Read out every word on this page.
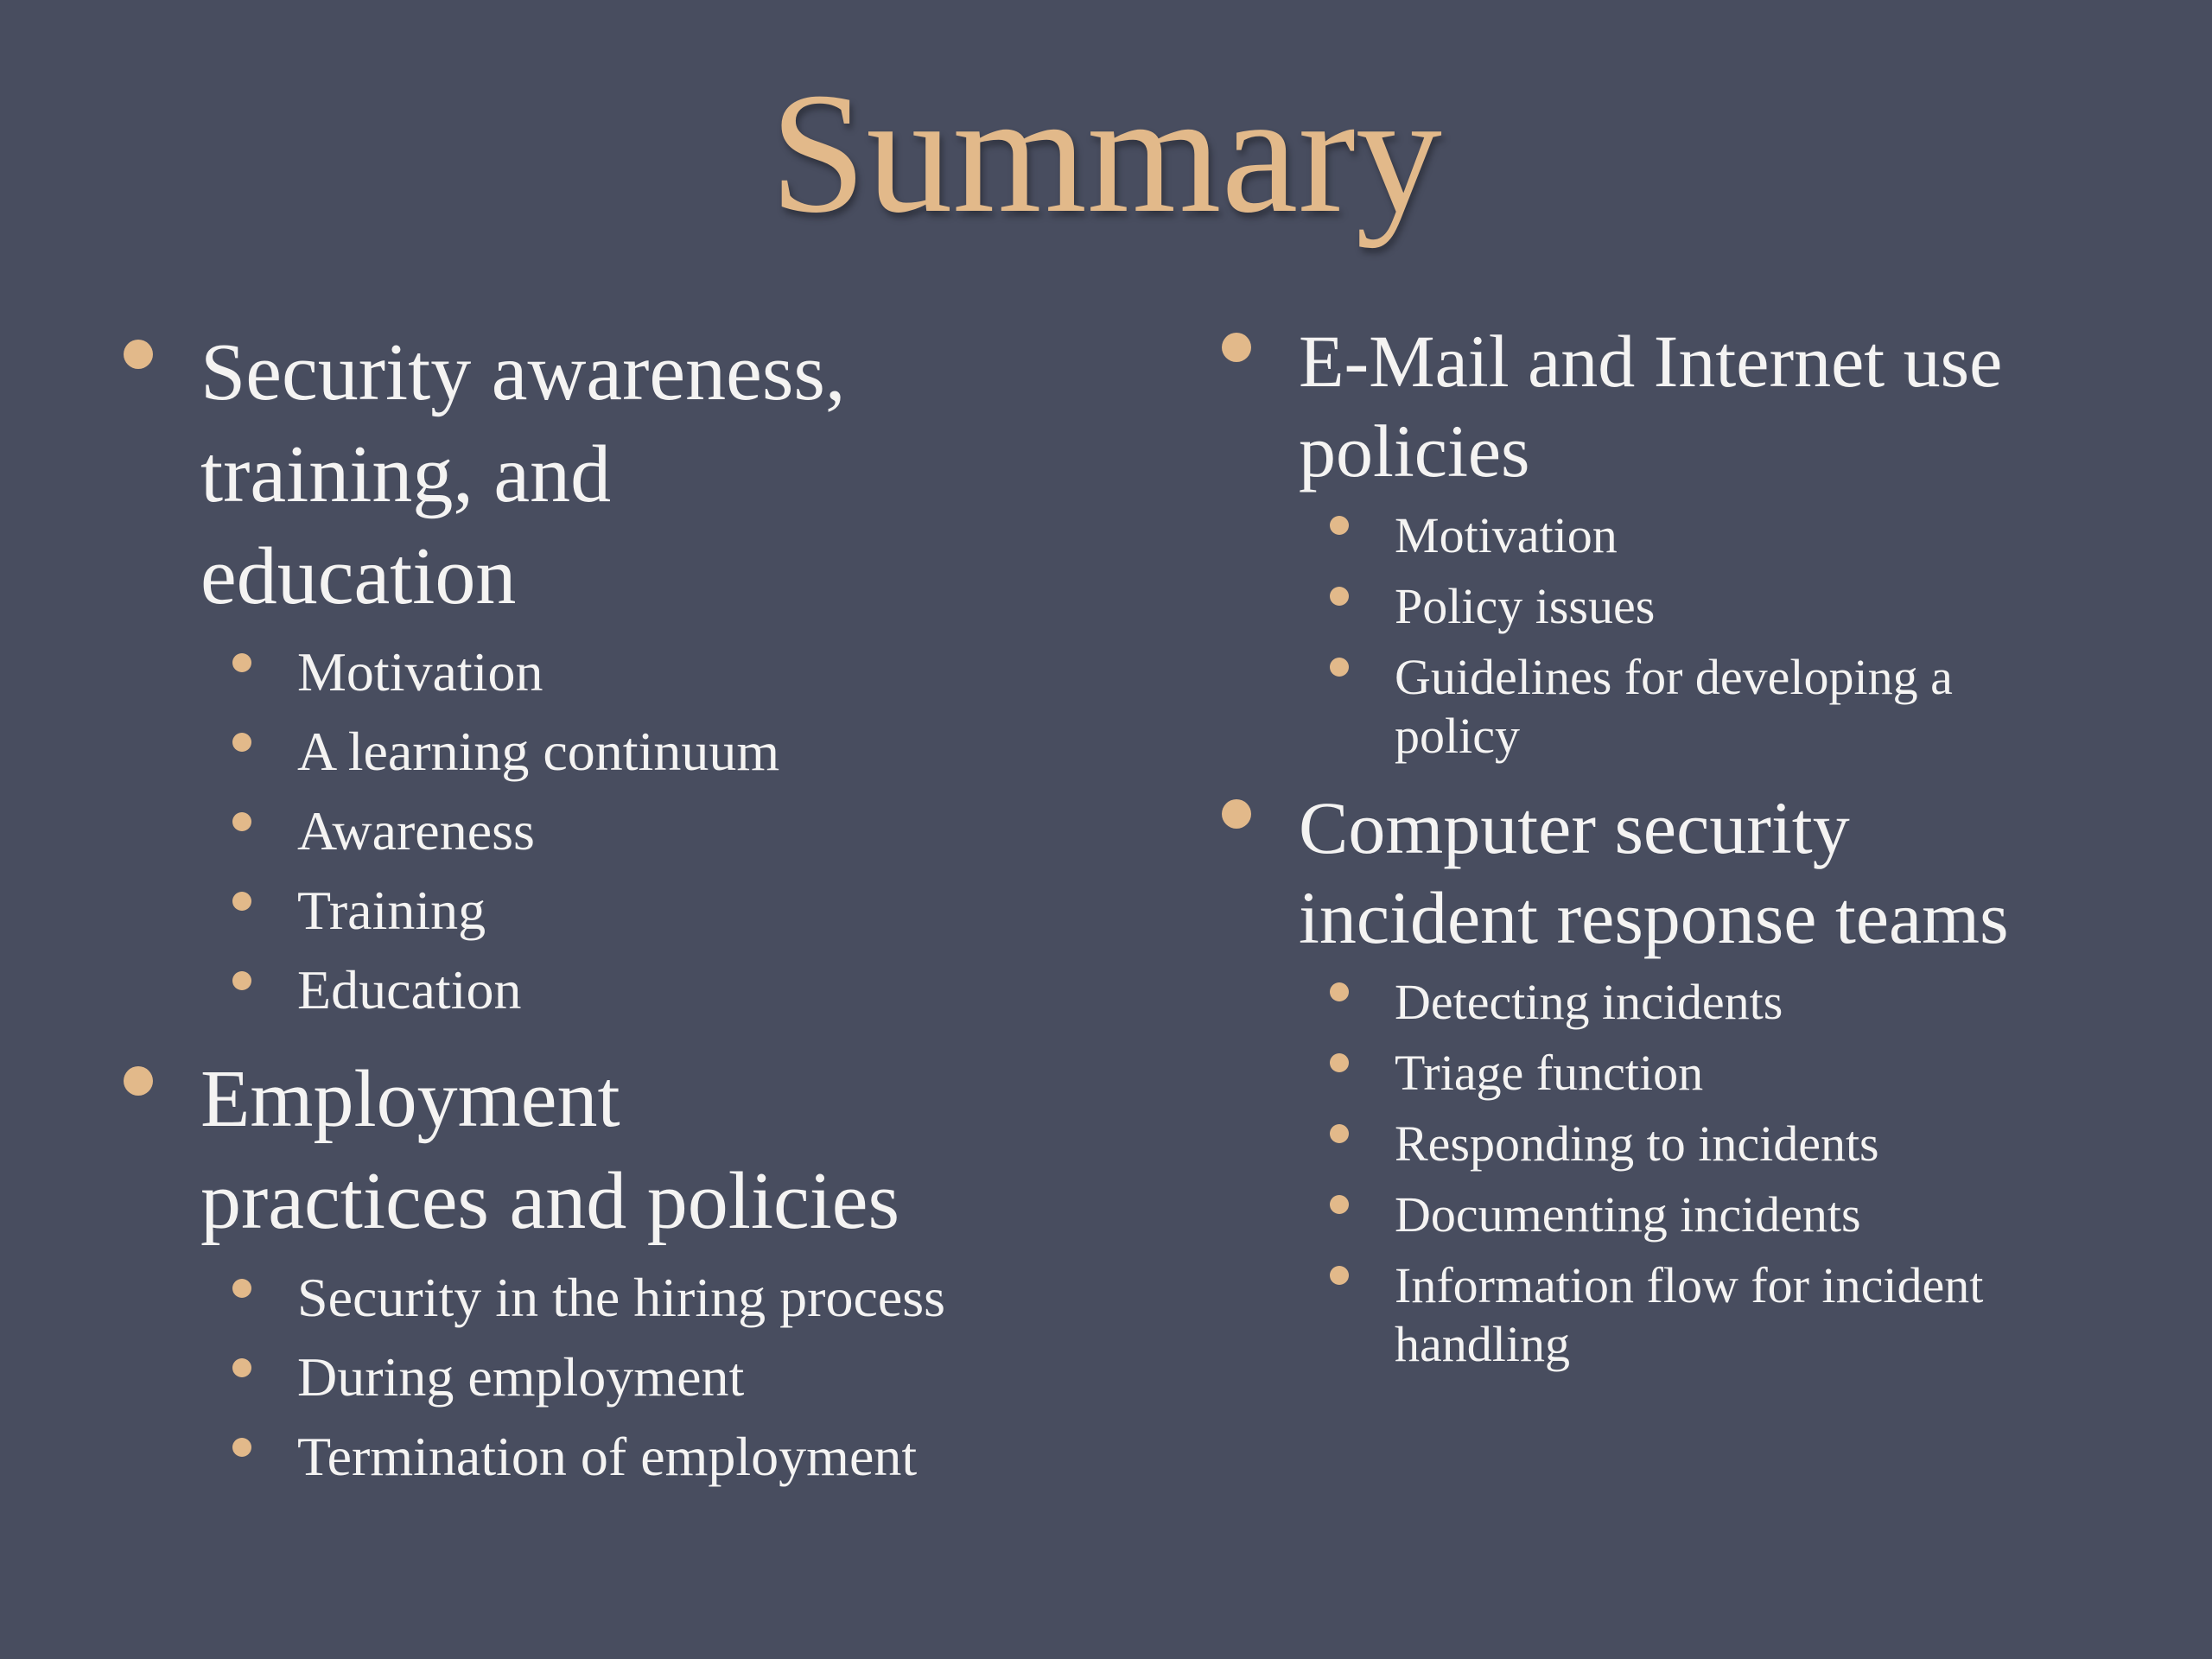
Summary
Security awareness,
training, and
education
Motivation
A learning continuum
Awareness
Training
Education
Employment
practices and policies
Security in the hiring process
During employment
Termination of employment
E-Mail and Internet use
policies
Motivation
Policy issues
Guidelines for developing a
policy
Computer security
incident response teams
Detecting incidents
Triage function
Responding to incidents
Documenting incidents
Information flow for incident
handling
